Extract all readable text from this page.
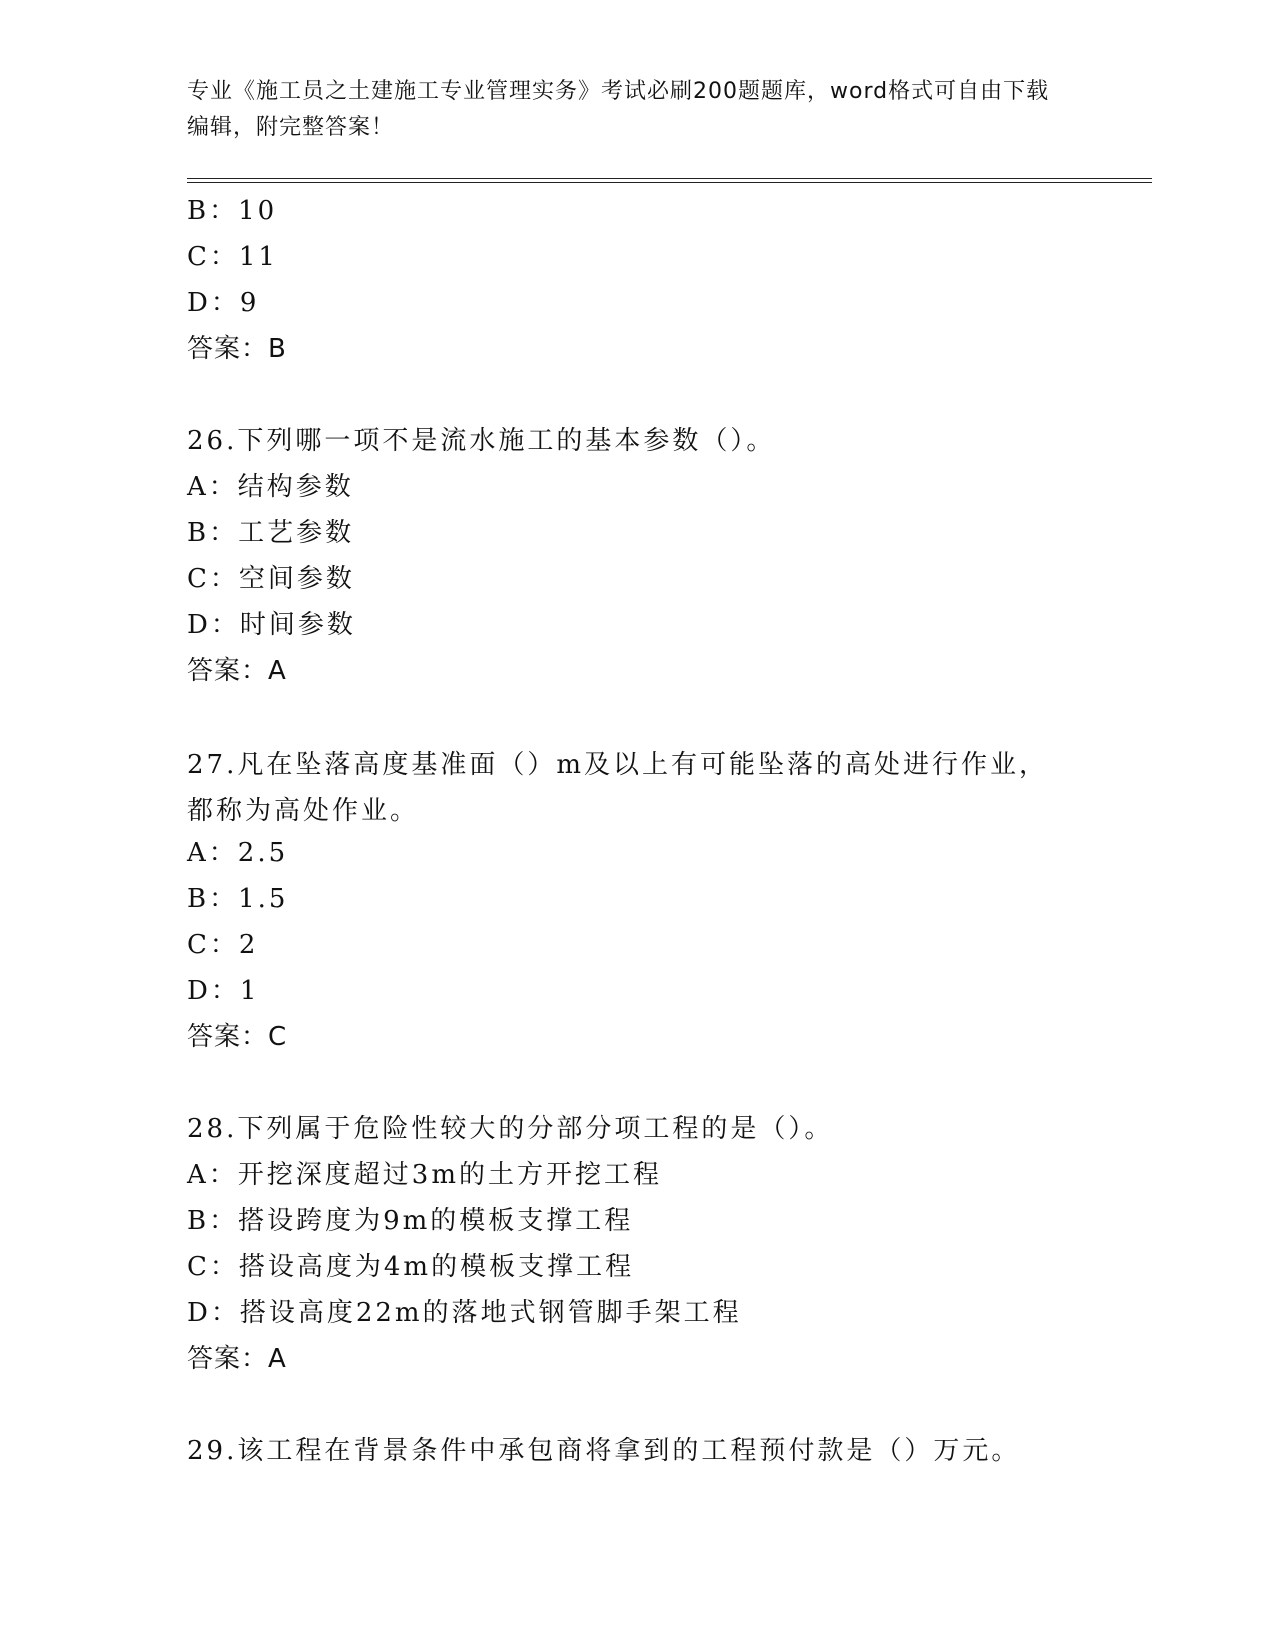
专业《施工员之土建施工专业管理实务》考试必刷200题题库，word格式可自由下载编辑，附完整答案！
B：10
C：11
D：9
答案：B
26.下列哪一项不是流水施工的基本参数（）。
A：结构参数
B：工艺参数
C：空间参数
D：时间参数
答案：A
27.凡在坠落高度基准面（）m及以上有可能坠落的高处进行作业，都称为高处作业。
A：2.5
B：1.5
C：2
D：1
答案：C
28.下列属于危险性较大的分部分项工程的是（）。
A：开挖深度超过3m的土方开挖工程
B：搭设跨度为9m的模板支撑工程
C：搭设高度为4m的模板支撑工程
D：搭设高度22m的落地式钢管脚手架工程
答案：A
29.该工程在背景条件中承包商将拿到的工程预付款是（）万元。
